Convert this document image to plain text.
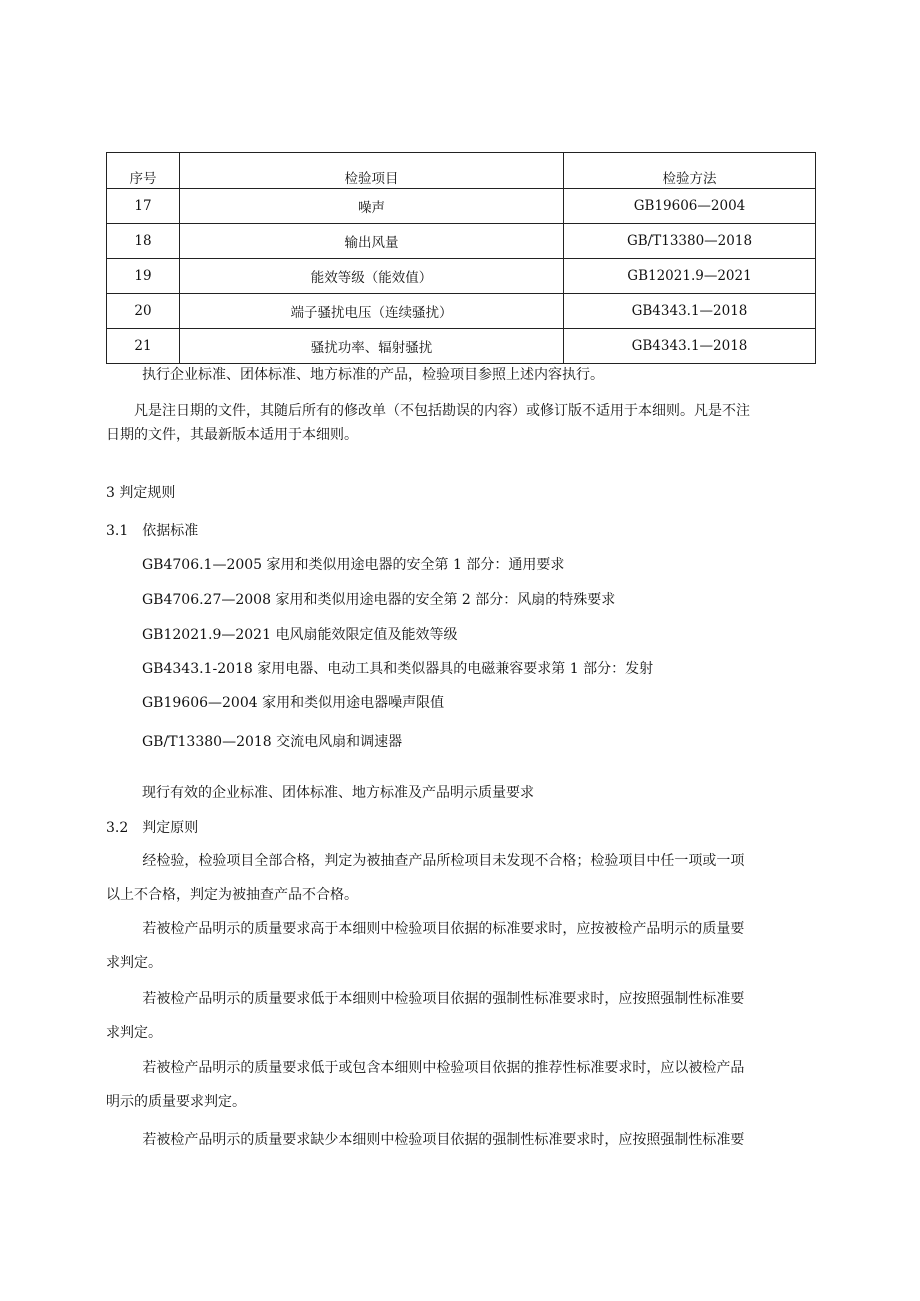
序号	检验项目	检验方法
17	噪声	GB19606—2004
18	输出风量	GB/T13380—2018
19	能效等级（能效值）	GB12021.9—2021
20	端子骚扰电压（连续骚扰）	GB4343.1—2018
21	骚扰功率、辐射骚扰	GB4343.1—2018
执行企业标准、团体标准、地方标准的产品，检验项目参照上述内容执行。
凡是注日期的文件，其随后所有的修改单（不包括勘误的内容）或修订版不适用于本细则。凡是不注
日期的文件，其最新版本适用于本细则。
3 判定规则
3.1　依据标准
GB4706.1—2005 家用和类似用途电器的安全第 1 部分：通用要求
GB4706.27—2008 家用和类似用途电器的安全第 2 部分：风扇的特殊要求
GB12021.9—2021 电风扇能效限定值及能效等级
GB4343.1-2018 家用电器、电动工具和类似器具的电磁兼容要求第 1 部分：发射
GB19606—2004 家用和类似用途电器噪声限值
GB/T13380—2018 交流电风扇和调速器
现行有效的企业标准、团体标准、地方标准及产品明示质量要求
3.2　判定原则
经检验，检验项目全部合格，判定为被抽查产品所检项目未发现不合格；检验项目中任一项或一项
以上不合格，判定为被抽查产品不合格。
若被检产品明示的质量要求高于本细则中检验项目依据的标准要求时，应按被检产品明示的质量要
求判定。
若被检产品明示的质量要求低于本细则中检验项目依据的强制性标准要求时，应按照强制性标准要
求判定。
若被检产品明示的质量要求低于或包含本细则中检验项目依据的推荐性标准要求时，应以被检产品
明示的质量要求判定。
若被检产品明示的质量要求缺少本细则中检验项目依据的强制性标准要求时，应按照强制性标准要
